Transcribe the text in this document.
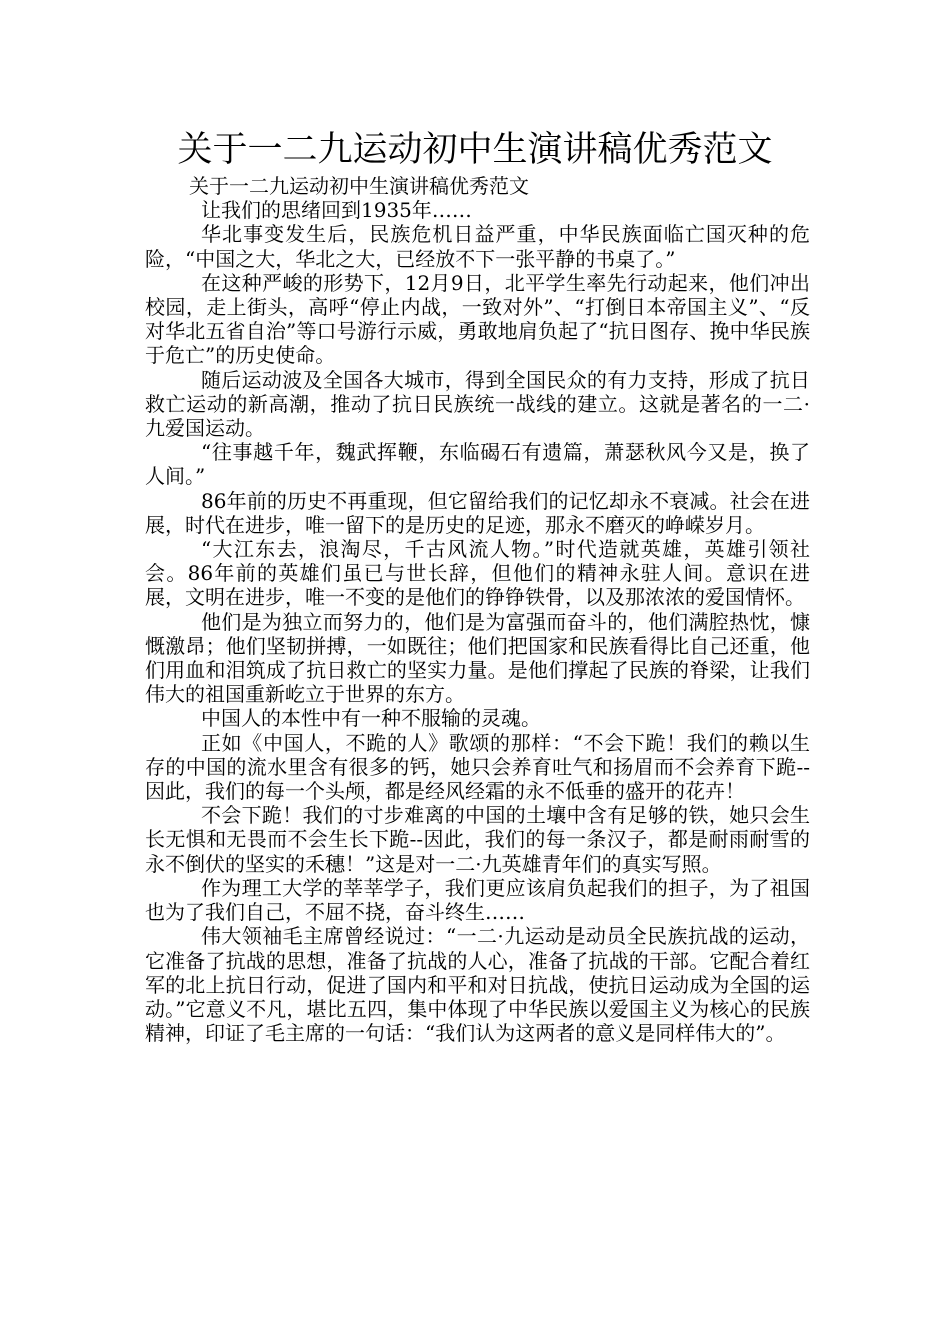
关于一二九运动初中生演讲稿优秀范文

关于一二九运动初中生演讲稿优秀范文

让我们的思绪回到1935年……

华北事变发生后，民族危机日益严重，中华民族面临亡国灭种的危险，“中国之大，华北之大，已经放不下一张平静的书桌了。”

在这种严峻的形势下，12月9日，北平学生率先行动起来，他们冲出校园，走上街头，高呼“停止内战，一致对外”、“打倒日本帝国主义”、“反对华北五省自治”等口号游行示威，勇敢地肩负起了“抗日图存、挽中华民族于危亡”的历史使命。

随后运动波及全国各大城市，得到全国民众的有力支持，形成了抗日救亡运动的新高潮，推动了抗日民族统一战线的建立。这就是著名的一二·九爱国运动。

“往事越千年，魏武挥鞭，东临碣石有遗篇，萧瑟秋风今又是，换了人间。”

86年前的历史不再重现，但它留给我们的记忆却永不衰减。社会在进展，时代在进步，唯一留下的是历史的足迹，那永不磨灭的峥嵘岁月。

“大江东去，浪淘尽，千古风流人物。”时代造就英雄，英雄引领社会。86年前的英雄们虽已与世长辞，但他们的精神永驻人间。意识在进展，文明在进步，唯一不变的是他们的铮铮铁骨，以及那浓浓的爱国情怀。

他们是为独立而努力的，他们是为富强而奋斗的，他们满腔热忱，慷慨激昂；他们坚韧拼搏，一如既往；他们把国家和民族看得比自己还重，他们用血和泪筑成了抗日救亡的坚实力量。是他们撑起了民族的脊梁，让我们伟大的祖国重新屹立于世界的东方。

中国人的本性中有一种不服输的灵魂。

正如《中国人，不跪的人》歌颂的那样：“不会下跪！我们的赖以生存的中国的流水里含有很多的钙，她只会养育吐气和扬眉而不会养育下跪--因此，我们的每一个头颅，都是经风经霜的永不低垂的盛开的花卉！

不会下跪！我们的寸步难离的中国的土壤中含有足够的铁，她只会生长无惧和无畏而不会生长下跪--因此，我们的每一条汉子，都是耐雨耐雪的永不倒伏的坚实的禾穗！”这是对一二·九英雄青年们的真实写照。

作为理工大学的莘莘学子，我们更应该肩负起我们的担子，为了祖国也为了我们自己，不屈不挠，奋斗终生……

伟大领袖毛主席曾经说过：“一二·九运动是动员全民族抗战的运动，它准备了抗战的思想，准备了抗战的人心，准备了抗战的干部。它配合着红军的北上抗日行动，促进了国内和平和对日抗战，使抗日运动成为全国的运动。”它意义不凡，堪比五四，集中体现了中华民族以爱国主义为核心的民族精神，印证了毛主席的一句话：“我们认为这两者的意义是同样伟大的”。
